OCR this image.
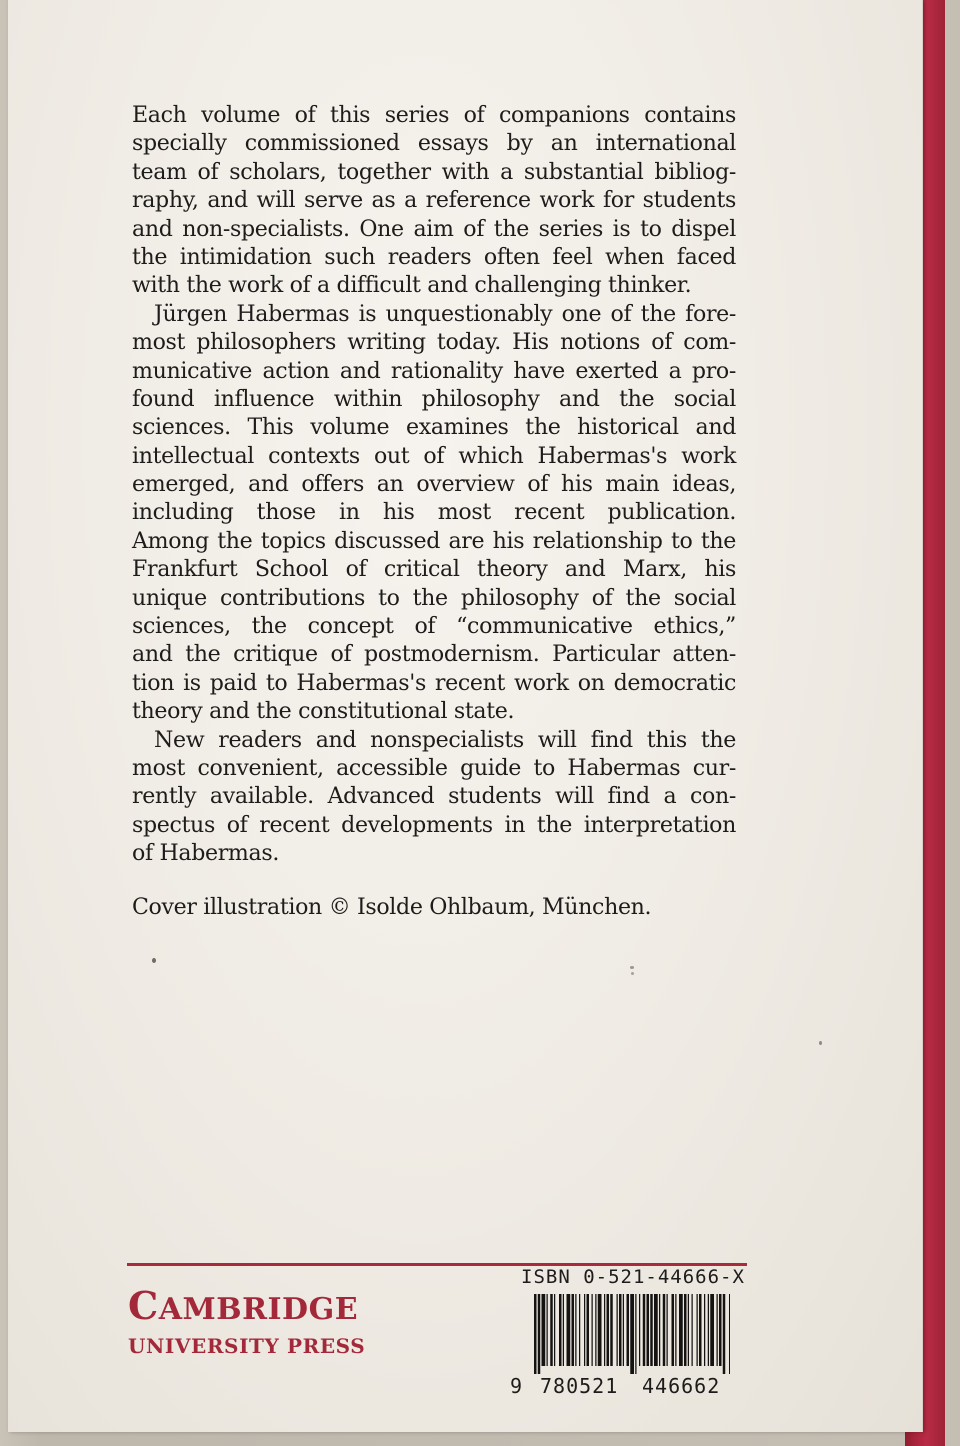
Each volume of this series of companions contains
specially commissioned essays by an international
team of scholars, together with a substantial bibliog-
raphy, and will serve as a reference work for students
and non-specialists. One aim of the series is to dispel
the intimidation such readers often feel when faced
with the work of a difficult and challenging thinker.
Jürgen Habermas is unquestionably one of the fore-
most philosophers writing today. His notions of com-
municative action and rationality have exerted a pro-
found influence within philosophy and the social
sciences. This volume examines the historical and
intellectual contexts out of which Habermas's work
emerged, and offers an overview of his main ideas,
including those in his most recent publication.
Among the topics discussed are his relationship to the
Frankfurt School of critical theory and Marx, his
unique contributions to the philosophy of the social
sciences, the concept of “communicative ethics,”
and the critique of postmodernism. Particular atten-
tion is paid to Habermas's recent work on democratic
theory and the constitutional state.
New readers and nonspecialists will find this the
most convenient, accessible guide to Habermas cur-
rently available. Advanced students will find a con-
spectus of recent developments in the interpretation
of Habermas.
Cover illustration © Isolde Ohlbaum, München.
CAMBRIDGE
UNIVERSITY PRESS
ISBN 0-521-44666-X
9 780521 446662
